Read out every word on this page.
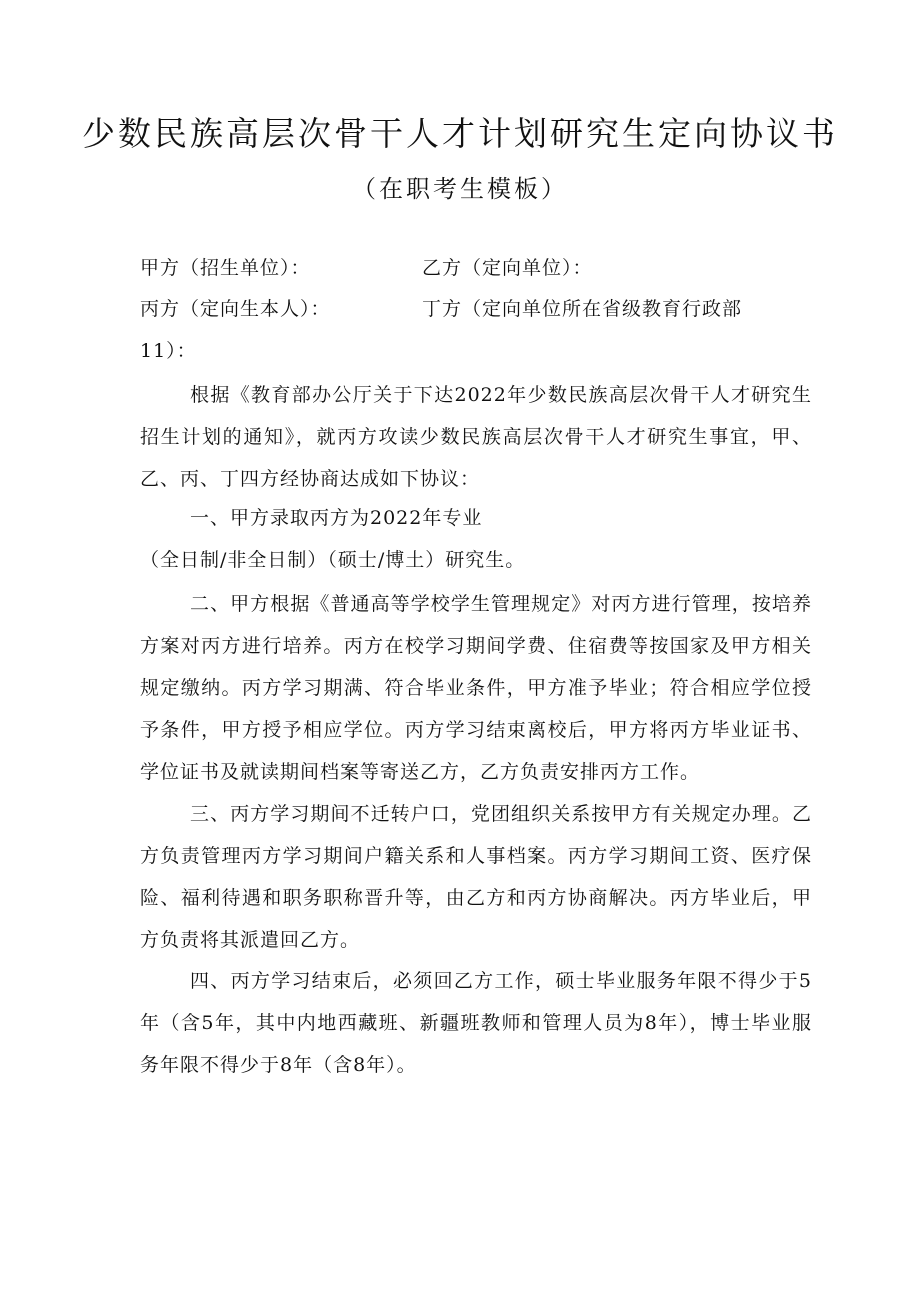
少数民族高层次骨干人才计划研究生定向协议书
（在职考生模板）
甲方（招生单位）：	乙方（定向单位）：
丙方（定向生本人）：	丁方（定向单位所在省级教育行政部
11）：

根据《教育部办公厅关于下达2022年少数民族高层次骨干人才研究生招生计划的通知》，就丙方攻读少数民族高层次骨干人才研究生事宜，甲、乙、丙、丁四方经协商达成如下协议：

一、甲方录取丙方为2022年专业
（全日制/非全日制）（硕士/博土）研究生。

二、甲方根据《普通高等学校学生管理规定》对丙方进行管理，按培养方案对丙方进行培养。丙方在校学习期间学费、住宿费等按国家及甲方相关规定缴纳。丙方学习期满、符合毕业条件，甲方准予毕业；符合相应学位授予条件，甲方授予相应学位。丙方学习结束离校后，甲方将丙方毕业证书、学位证书及就读期间档案等寄送乙方，乙方负责安排丙方工作。

三、丙方学习期间不迁转户口，党团组织关系按甲方有关规定办理。乙方负责管理丙方学习期间户籍关系和人事档案。丙方学习期间工资、医疗保险、福利待遇和职务职称晋升等，由乙方和丙方协商解决。丙方毕业后，甲方负责将其派遣回乙方。

四、丙方学习结束后，必须回乙方工作，硕士毕业服务年限不得少于5年（含5年，其中内地西藏班、新疆班教师和管理人员为8年），博士毕业服务年限不得少于8年（含8年）。
